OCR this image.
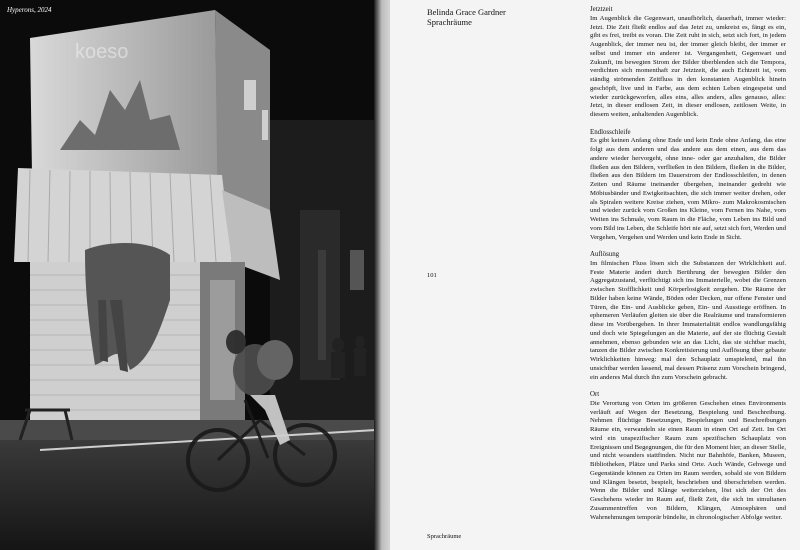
koeso
Hyperons, 2024	Belinda Grace Gardner
Sprachräume
101
Sprachräume
Jetztzeit

Im Augenblick die Gegenwart, unaufhörlich, dauerhaft, immer wieder: Jetzt. Die Zeit fließt endlos auf das Jetzt zu, umkreist es, fängt es ein, gibt es frei, treibt es voran. Die Zeit ruht in sich, setzt sich fort, in jedem Augenblick, der immer neu ist, der immer gleich bleibt, der immer er selbst und immer ein anderer ist. Vergangenheit, Gegenwart und Zukunft, im bewegten Strom der Bilder überblenden sich die Tempora, verdichten sich momenthaft zur Jetztzeit, die auch Echtzeit ist, vom ständig strömenden Zeitfluss in den konstanten Augenblick hinein geschöpft, live und in Farbe, aus dem echten Leben eingespeist und wieder zurückgeworfen, alles eins, alles anders, alles genauso, alles: Jetzt, in dieser endlosen Zeit, in dieser endlosen, zeitlosen Weite, in diesem weiten, anhaltenden Augenblick.

Endlosschleife

Es gibt keinen Anfang ohne Ende und kein Ende ohne Anfang, das eine folgt aus dem anderen und das andere aus dem einen, aus dem das andere wieder hervorgeht, ohne inne- oder gar anzuhalten, die Bilder fließen aus den Bildern, verfließen in den Bildern, fließen in die Bilder, fließen aus den Bildern im Dauerstrom der Endlosschleifen, in denen Zeiten und Räume ineinander übergehen, ineinander gedreht wie Möbiusbänder und Ewigkeitsachten, die sich immer weiter drehen, oder als Spiralen weitere Kreise ziehen, vom Mikro- zum Makrokosmischen und wieder zurück vom Großen ins Kleine, vom Fernen ins Nahe, vom Weiten ins Schmale, vom Raum in die Fläche, vom Leben ins Bild und vom Bild ins Leben, die Schleife hört nie auf, setzt sich fort, Werden und Vergehen, Vergehen und Werden und kein Ende in Sicht.

Auflösung

Im filmischen Fluss lösen sich die Substanzen der Wirklichkeit auf. Feste Materie ändert durch Berührung der bewegten Bilder den Aggregatzustand, verflüchtigt sich ins Immaterielle, wobei die Grenzen zwischen Stofflichkeit und Körperlosigkeit zergehen. Die Räume der Bilder haben keine Wände, Böden oder Decken, nur offene Fenster und Türen, die Ein- und Ausblicke geben, Ein- und Ausstiege eröffnen. In ephemeren Verläufen gleiten sie über die Realräume und transformieren diese im Vorübergehen. In ihrer Immaterialität endlos wandlungsfähig und doch wie Spiegelungen an die Materie, auf der sie flüchtig Gestalt annehmen, ebenso gebunden wie an das Licht, das sie sichtbar macht, tanzen die Bilder zwischen Konkretisierung und Auflösung über gebaute Wirklichkeiten hinweg: mal den Schauplatz umspielend, mal ihn unsichtbar werden lassend, mal dessen Präsenz zum Vorschein bringend, ein anderes Mal durch ihn zum Vorschein gebracht.

Ort

Die Verortung von Orten im größeren Geschehen eines Environments verläuft auf Wegen der Besetzung, Bespielung und Beschreibung. Nehmen flüchtige Besetzungen, Bespielungen und Beschreibungen Räume ein, verwandeln sie einen Raum in einen Ort auf Zeit. Im Ort wird ein unspezifischer Raum zum spezifischen Schauplatz von Ereignissen und Begegnungen, die für den Moment hier, an dieser Stelle, und nicht woanders stattfinden. Nicht nur Bahnhöfe, Banken, Museen, Bibliotheken, Plätze und Parks sind Orte. Auch Wände, Gehwege und Gegenstände können zu Orten im Raum werden, sobald sie von Bildern und Klängen besetzt, bespielt, beschrieben und überschrieben werden. Wenn die Bilder und Klänge weiterziehen, löst sich der Ort des Geschehens wieder im Raum auf, fließt Zeit, die sich im simultanen Zusammentreffen von Bildern, Klängen, Atmosphären und Wahrnehmungen temporär bündelte, in chronologischer Abfolge weiter.
